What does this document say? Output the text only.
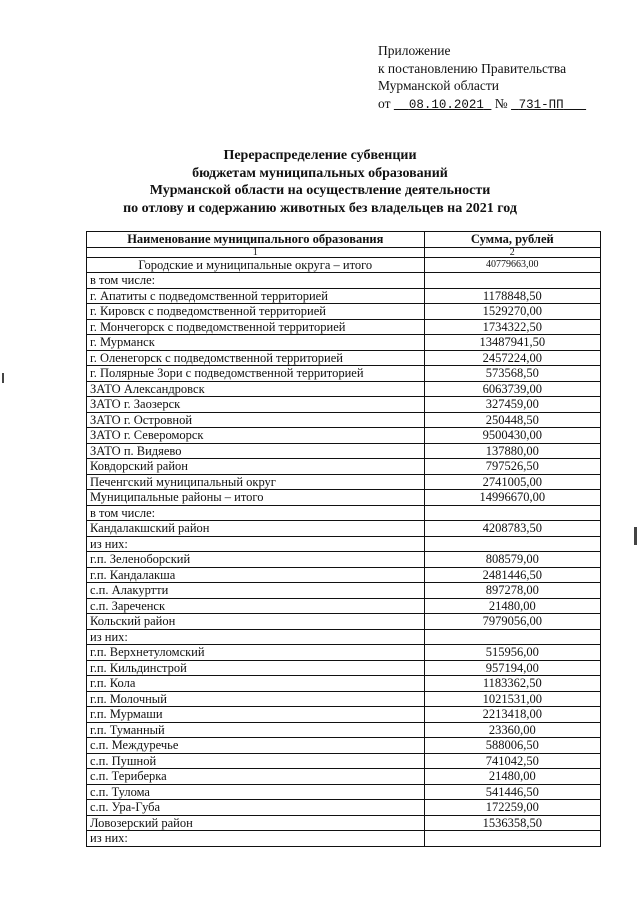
Приложение
к постановлению Правительства
Мурманской области
от 08.10.2021 № 731-ПП
Перераспределение субвенции
бюджетам муниципальных образований
Мурманской области на осуществление деятельности
по отлову и содержанию животных без владельцев на 2021 год
Наименование муниципального образования	Сумма, рублей
1	2
Городские и муниципальные округа – итого	40779663,00
в том числе:	
г. Апатиты с подведомственной территорией	1178848,50
г. Кировск с подведомственной территорией	1529270,00
г. Мончегорск с подведомственной территорией	1734322,50
г. Мурманск	13487941,50
г. Оленегорск с подведомственной территорией	2457224,00
г. Полярные Зори с подведомственной территорией	573568,50
ЗАТО Александровск	6063739,00
ЗАТО г. Заозерск	327459,00
ЗАТО г. Островной	250448,50
ЗАТО г. Североморск	9500430,00
ЗАТО п. Видяево	137880,00
Ковдорский район	797526,50
Печенгский муниципальный округ	2741005,00
Муниципальные районы – итого	14996670,00
в том числе:	
Кандалакшский район	4208783,50
из них:	
г.п. Зеленоборский	808579,00
г.п. Кандалакша	2481446,50
с.п. Алакуртти	897278,00
с.п. Зареченск	21480,00
Кольский район	7979056,00
из них:	
г.п. Верхнетуломский	515956,00
г.п. Кильдинстрой	957194,00
г.п. Кола	1183362,50
г.п. Молочный	1021531,00
г.п. Мурмаши	2213418,00
г.п. Туманный	23360,00
с.п. Междуречье	588006,50
с.п. Пушной	741042,50
с.п. Териберка	21480,00
с.п. Тулома	541446,50
с.п. Ура-Губа	172259,00
Ловозерский район	1536358,50
из них:	
